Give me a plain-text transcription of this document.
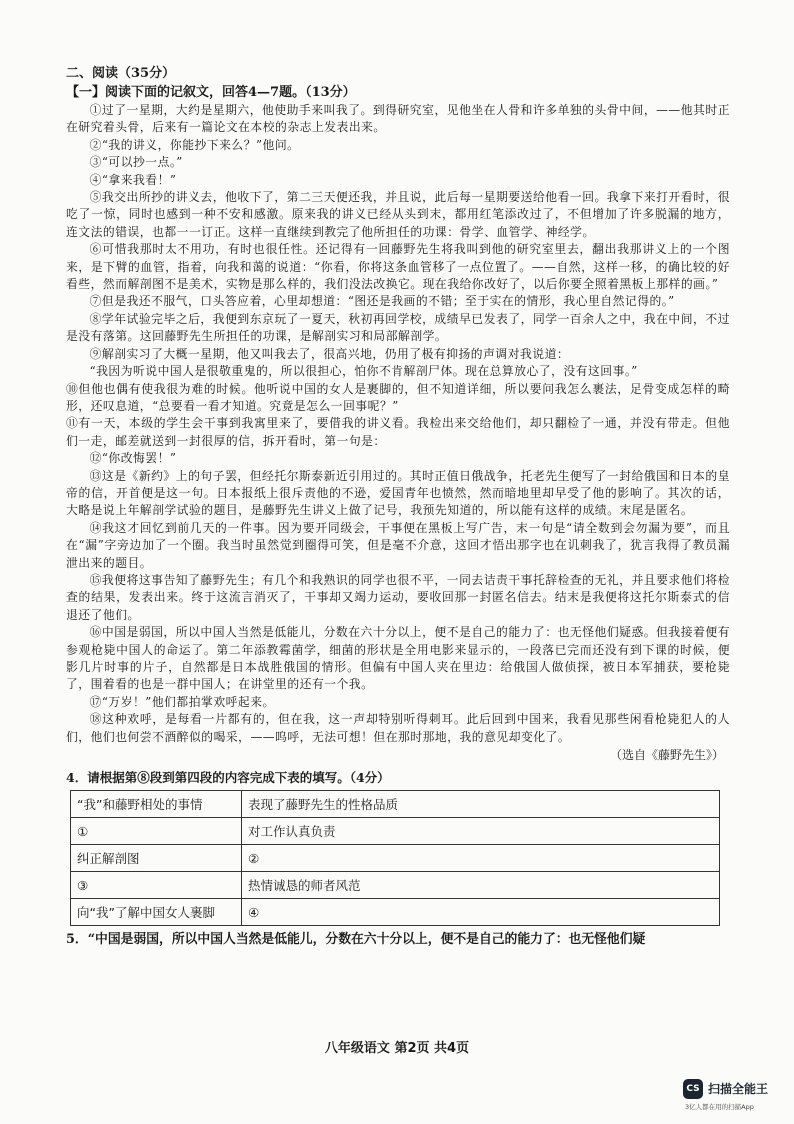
二、阅读（35分）

【一】阅读下面的记叙文，回答4—7题。（13分）

①过了一星期，大约是星期六，他使助手来叫我了。到得研究室，见他坐在人骨和许多单独的头骨中间，——他其时正在研究着头骨，后来有一篇论文在本校的杂志上发表出来。

②“我的讲义，你能抄下来么？”他问。

③“可以抄一点。”

④“拿来我看！”

⑤我交出所抄的讲义去，他收下了，第二三天便还我，并且说，此后每一星期要送给他看一回。我拿下来打开看时，很吃了一惊，同时也感到一种不安和感激。原来我的讲义已经从头到末，都用红笔添改过了，不但增加了许多脱漏的地方，连文法的错误，也都一一订正。这样一直继续到教完了他所担任的功课：骨学、血管学、神经学。

⑥可惜我那时太不用功，有时也很任性。还记得有一回藤野先生将我叫到他的研究室里去，翻出我那讲义上的一个图来，是下臂的血管，指着，向我和蔼的说道：“你看，你将这条血管移了一点位置了。——自然，这样一移，的确比较的好看些，然而解剖图不是美术，实物是那么样的，我们没法改换它。现在我给你改好了，以后你要全照着黑板上那样的画。”

⑦但是我还不服气，口头答应着，心里却想道：“图还是我画的不错；至于实在的情形，我心里自然记得的。”

⑧学年试验完毕之后，我便到东京玩了一夏天，秋初再回学校，成绩早已发表了，同学一百余人之中，我在中间，不过是没有落第。这回藤野先生所担任的功课，是解剖实习和局部解剖学。

⑨解剖实习了大概一星期，他又叫我去了，很高兴地，仍用了极有抑扬的声调对我说道：

“我因为听说中国人是很敬重鬼的，所以很担心，怕你不肯解剖尸体。现在总算放心了，没有这回事。”

⑩但他也偶有使我很为难的时候。他听说中国的女人是裹脚的，但不知道详细，所以要问我怎么裹法，足骨变成怎样的畸形，还叹息道，“总要看一看才知道。究竟是怎么一回事呢？”

⑪有一天，本级的学生会干事到我寓里来了，要借我的讲义看。我检出来交给他们，却只翻检了一通，并没有带走。但他们一走，邮差就送到一封很厚的信，拆开看时，第一句是：

⑫“你改悔罢！”

⑬这是《新约》上的句子罢，但经托尔斯泰新近引用过的。其时正值日俄战争，托老先生便写了一封给俄国和日本的皇帝的信，开首便是这一句。日本报纸上很斥责他的不逊，爱国青年也愤然，然而暗地里却早受了他的影响了。其次的话，大略是说上年解剖学试验的题目，是藤野先生讲义上做了记号，我预先知道的，所以能有这样的成绩。末尾是匿名。

⑭我这才回忆到前几天的一件事。因为要开同级会，干事便在黑板上写广告，末一句是“请全数到会勿漏为要”，而且在“漏”字旁边加了一个圈。我当时虽然觉到圈得可笑，但是毫不介意，这回才悟出那字也在讥刺我了，犹言我得了教员漏泄出来的题目。

⑮我便将这事告知了藤野先生；有几个和我熟识的同学也很不平，一同去诘责干事托辞检查的无礼，并且要求他们将检查的结果，发表出来。终于这流言消灭了，干事却又竭力运动，要收回那一封匿名信去。结末是我便将这托尔斯泰式的信退还了他们。

⑯中国是弱国，所以中国人当然是低能儿，分数在六十分以上，便不是自己的能力了：也无怪他们疑惑。但我接着便有参观枪毙中国人的命运了。第二年添教霉菌学，细菌的形状是全用电影来显示的，一段落已完而还没有到下课的时候，便影几片时事的片子，自然都是日本战胜俄国的情形。但偏有中国人夹在里边：给俄国人做侦探，被日本军捕获，要枪毙了，围着看的也是一群中国人；在讲堂里的还有一个我。

⑰“万岁！”他们都拍掌欢呼起来。

⑱这种欢呼，是每看一片都有的，但在我，这一声却特别听得刺耳。此后回到中国来，我看见那些闲看枪毙犯人的人们，他们也何尝不酒醉似的喝采，——呜呼，无法可想！但在那时那地，我的意见却变化了。

（选自《藤野先生》）

4．请根据第⑧段到第四段的内容完成下表的填写。（4分）

“我”和藤野相处的事情	表现了藤野先生的性格品质
①	对工作认真负责
纠正解剖图	②
③	热情诚恳的师者风范
向“我”了解中国女人裹脚	④

5．“中国是弱国，所以中国人当然是低能儿，分数在六十分以上，便不是自己的能力了：也无怪他们疑

八年级语文 第2页 共4页
CS 扫描全能王
3亿人都在用的扫描App
